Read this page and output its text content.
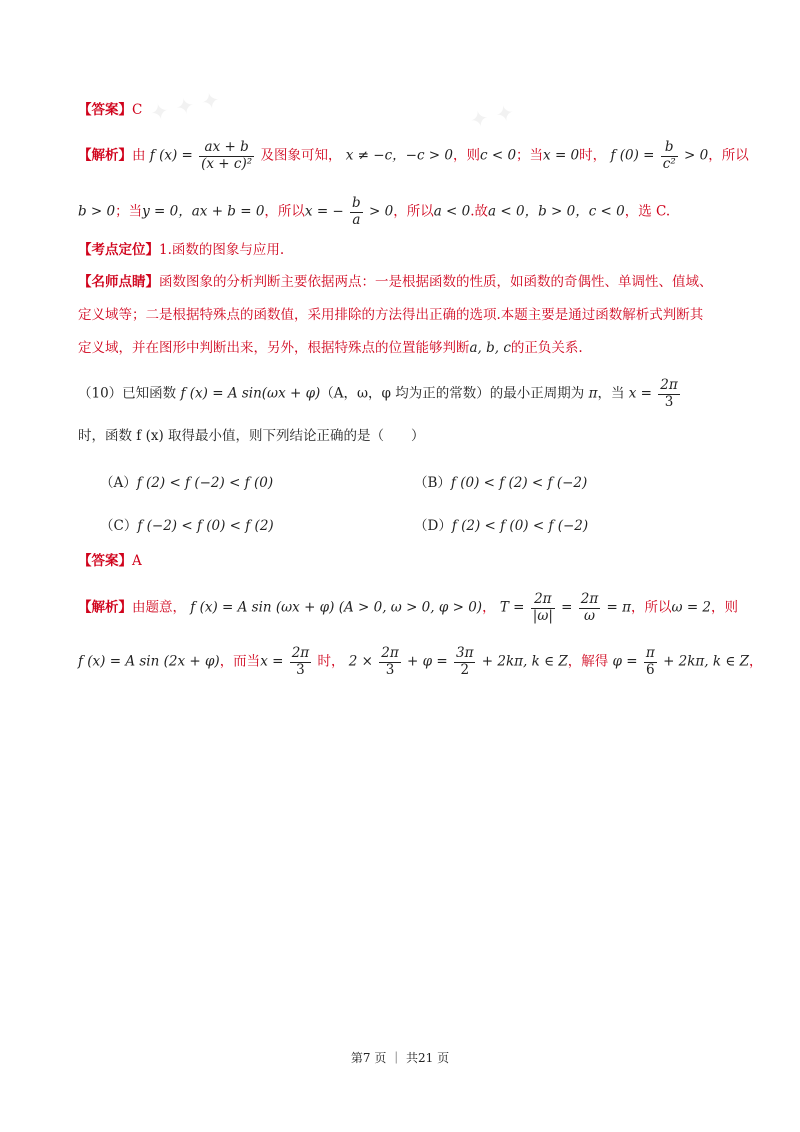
✦ ✦ ✦	✦ ✦
【答案】C
【解析】由 f $(x) = \frac{ax + b}{\text{(x + c)²}}$ 及图象可知， x ≠ −c，−c > 0，则c < 0；当x = 0时， f $(0) = \frac{b}{\text{c²}} > 0$，所以
b > 0；当y = 0，ax + b = 0，所以x = − $\frac{b}{a} > 0$，所以a < 0.故a < 0，b > 0，c < 0，选 C.
【考点定位】1.函数的图象与应用.
【名师点睛】函数图象的分析判断主要依据两点：一是根据函数的性质，如函数的奇偶性、单调性、值域、
定义域等；二是根据特殊点的函数值，采用排除的方法得出正确的选项.本题主要是通过函数解析式判断其
定义域，并在图形中判断出来，另外，根据特殊点的位置能够判断a, b, c的正负关系.
（10）已知函数 f (x) = A sin(ωx + φ)（A，ω，φ 均为正的常数）的最小正周期为 π，当 $x = \frac{2\pi}{3}$
时，函数 f (x) 取得最小值，则下列结论正确的是（　　）
（A）f (2) < f (−2) < f (0)	（B）f (0) < f (2) < f (−2)
（C）f (−2) < f (0) < f (2)	（D）f (2) < f (0) < f (−2)
【答案】A
【解析】由题意， f (x) = A sin (ωx + φ) (A > 0, ω > 0, φ > 0)， $T = \frac{2\pi}{|\omega|} = \frac{2\pi}{\omega} = \pi$，所以ω = 2，则
f (x) = A sin (2x + φ)，而当$x = \frac{2\pi}{3}$ 时， $2 \times \frac{2\pi}{3} + \varphi = \frac{3\pi}{2} + 2k\pi$, k ∈ Z，解得 $\varphi = \frac{\pi}{6} + 2k\pi$, k ∈ Z，
第7 页 ｜ 共21 页
